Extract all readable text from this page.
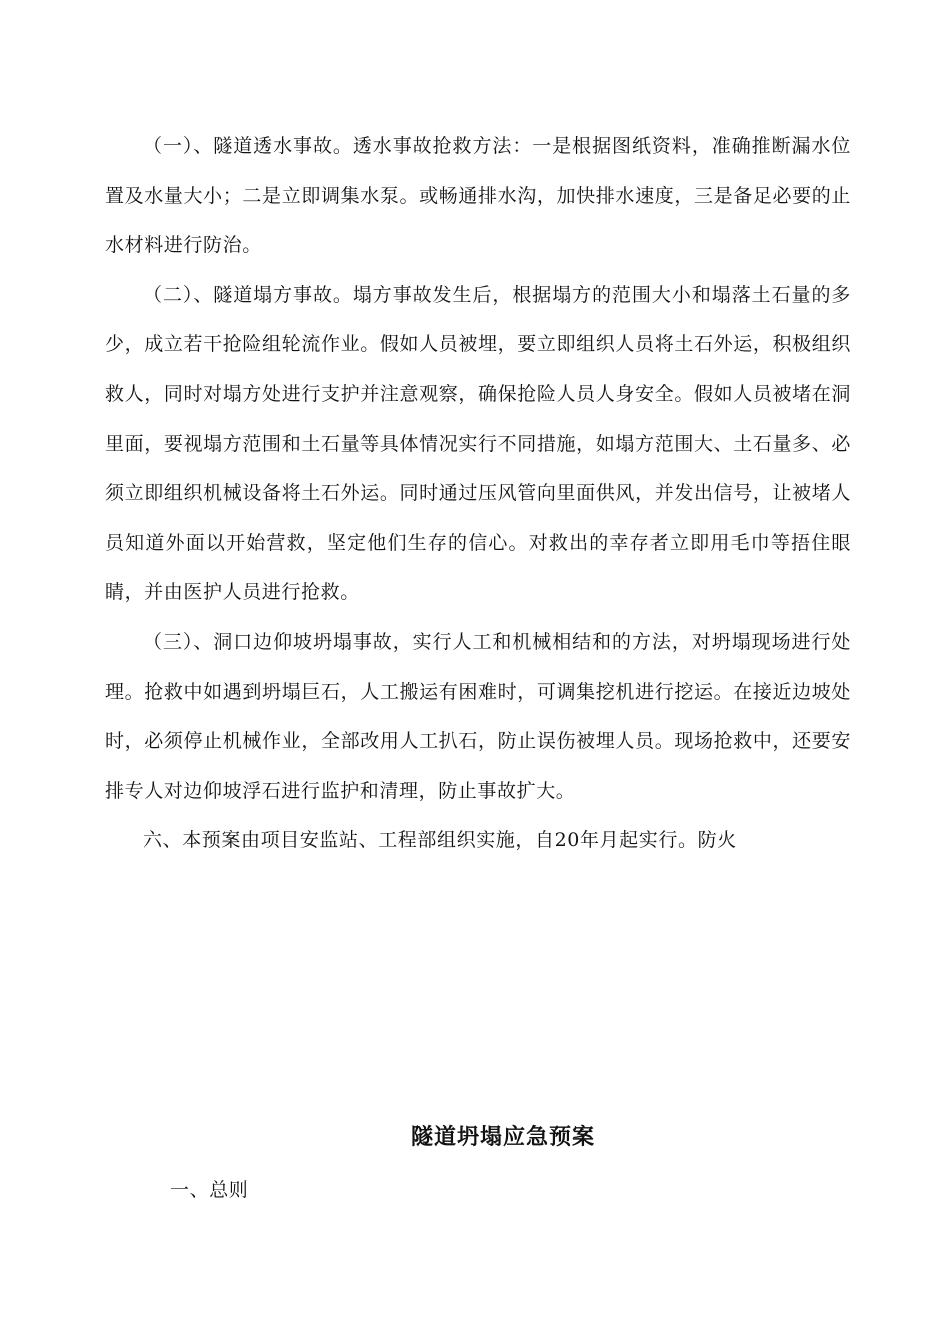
（一）、隧道透水事故。透水事故抢救方法：一是根据图纸资料，准确推断漏水位置及水量大小；二是立即调集水泵。或畅通排水沟，加快排水速度，三是备足必要的止水材料进行防治。

（二）、隧道塌方事故。塌方事故发生后，根据塌方的范围大小和塌落土石量的多少，成立若干抢险组轮流作业。假如人员被埋，要立即组织人员将土石外运，积极组织救人，同时对塌方处进行支护并注意观察，确保抢险人员人身安全。假如人员被堵在洞里面，要视塌方范围和土石量等具体情况实行不同措施，如塌方范围大、土石量多、必须立即组织机械设备将土石外运。同时通过压风管向里面供风，并发出信号，让被堵人员知道外面以开始营救，坚定他们生存的信心。对救出的幸存者立即用毛巾等捂住眼睛，并由医护人员进行抢救。

（三）、洞口边仰坡坍塌事故，实行人工和机械相结和的方法，对坍塌现场进行处理。抢救中如遇到坍塌巨石，人工搬运有困难时，可调集挖机进行挖运。在接近边坡处时，必须停止机械作业，全部改用人工扒石，防止误伤被埋人员。现场抢救中，还要安排专人对边仰坡浮石进行监护和清理，防止事故扩大。

六、本预案由项目安监站、工程部组织实施，自20年月起实行。防火

隧道坍塌应急预案
一、总则
